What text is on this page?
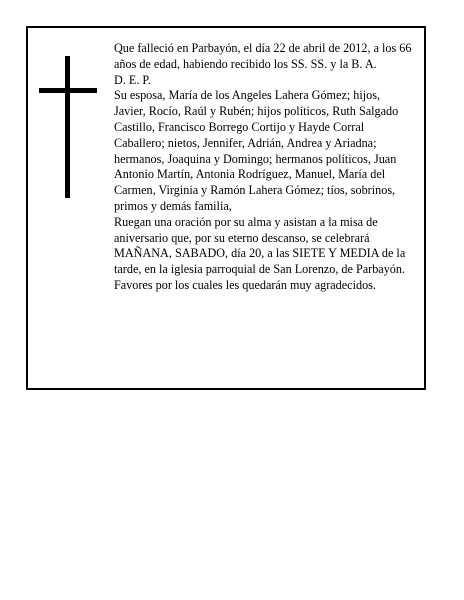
Que falleció en Parbayón, el día 22 de abril de 2012, a los 66 años de edad, habiendo recibido los SS. SS. y la B. A.

D. E. P.

Su esposa, María de los Angeles Lahera Gómez; hijos, Javier, Rocío, Raúl y Rubén; hijos políticos, Ruth Salgado Castillo, Francisco Borrego Cortijo y Hayde Corral Caballero; nietos, Jennifer, Adrián, Andrea y Ariadna; hermanos, Joaquina y Domingo; hermanos políticos, Juan Antonio Martín, Antonia Rodríguez, Manuel, María del Carmen, Virginia y Ramón Lahera Gómez; tíos, sobrinos, primos y demás familia,

Ruegan una oración por su alma y asistan a la misa de aniversario que, por su eterno descanso, se celebrará MAÑANA, SABADO, día 20, a las SIETE Y MEDIA de la tarde, en la iglesia parroquial de San Lorenzo, de Parbayón. Favores por los cuales les quedarán muy agradecidos.
